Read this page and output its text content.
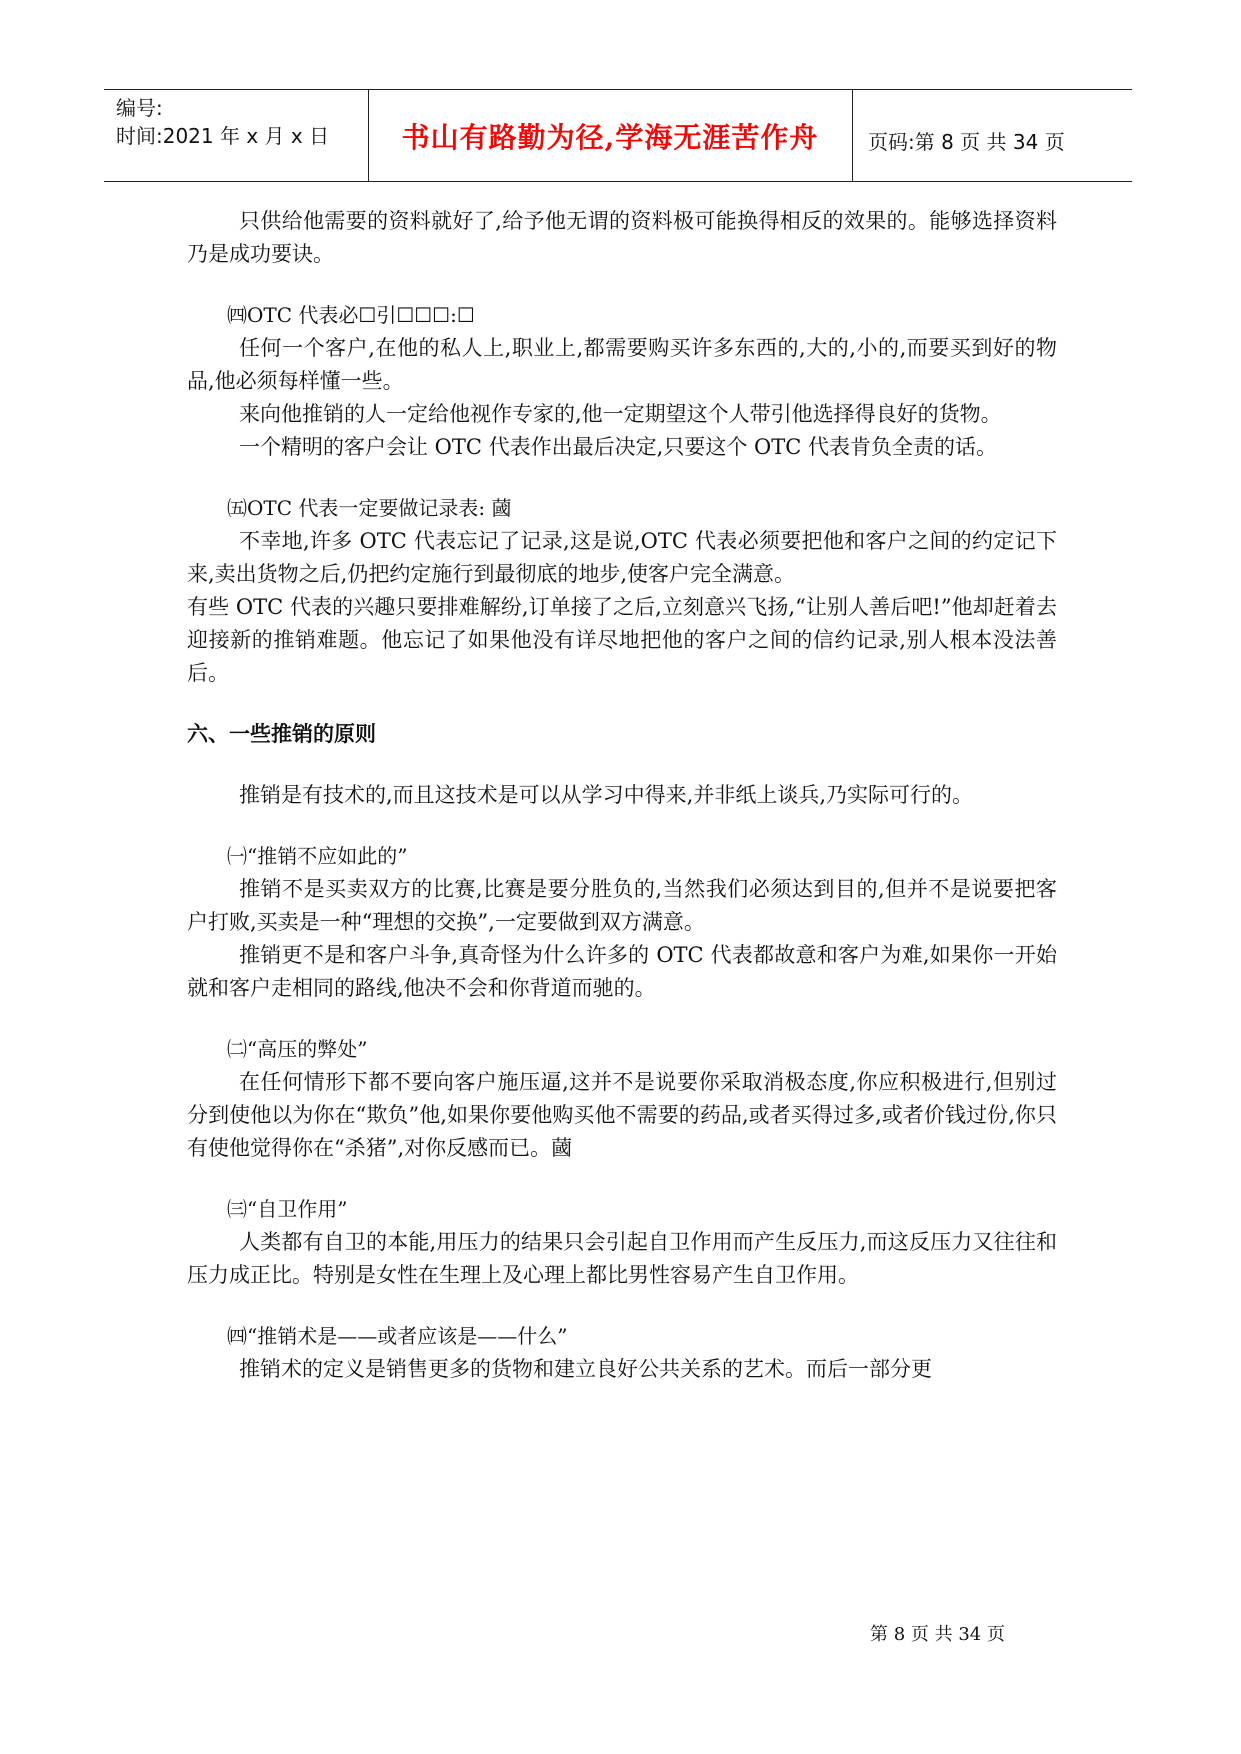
编号:
时间:2021 年 x 月 x 日	书山有路勤为径,学海无涯苦作舟	页码:第 8 页 共 34 页

只供给他需要的资料就好了,给予他无谓的资料极可能换得相反的效果的。能够选择资料乃是成功要诀。

㈣OTC 代表必☐引☐☐☐:☐

任何一个客户,在他的私人上,职业上,都需要购买许多东西的,大的,小的,而要买到好的物品,他必须每样懂一些。

来向他推销的人一定给他视作专家的,他一定期望这个人带引他选择得良好的货物。

一个精明的客户会让 OTC 代表作出最后决定,只要这个 OTC 代表肯负全责的话。

㈤OTC 代表一定要做记录表: 蔮

不幸地,许多 OTC 代表忘记了记录,这是说,OTC 代表必须要把他和客户之间的约定记下来,卖出货物之后,仍把约定施行到最彻底的地步,使客户完全满意。

有些 OTC 代表的兴趣只要排难解纷,订单接了之后,立刻意兴飞扬,“让别人善后吧!”他却赶着去迎接新的推销难题。他忘记了如果他没有详尽地把他的客户之间的信约记录,别人根本没法善后。

六、一些推销的原则

推销是有技术的,而且这技术是可以从学习中得来,并非纸上谈兵,乃实际可行的。

㈠“推销不应如此的”

推销不是买卖双方的比赛,比赛是要分胜负的,当然我们必须达到目的,但并不是说要把客户打败,买卖是一种“理想的交换”,一定要做到双方满意。

推销更不是和客户斗争,真奇怪为什么许多的 OTC 代表都故意和客户为难,如果你一开始就和客户走相同的路线,他决不会和你背道而驰的。

㈡“高压的弊处”

在任何情形下都不要向客户施压逼,这并不是说要你采取消极态度,你应积极进行,但别过分到使他以为你在“欺负”他,如果你要他购买他不需要的药品,或者买得过多,或者价钱过份,你只有使他觉得你在“杀猪”,对你反感而已。蔮

㈢“自卫作用”

人类都有自卫的本能,用压力的结果只会引起自卫作用而产生反压力,而这反压力又往往和压力成正比。特别是女性在生理上及心理上都比男性容易产生自卫作用。

㈣“推销术是——或者应该是——什么”

推销术的定义是销售更多的货物和建立良好公共关系的艺术。而后一部分更

第 8 页 共 34 页
